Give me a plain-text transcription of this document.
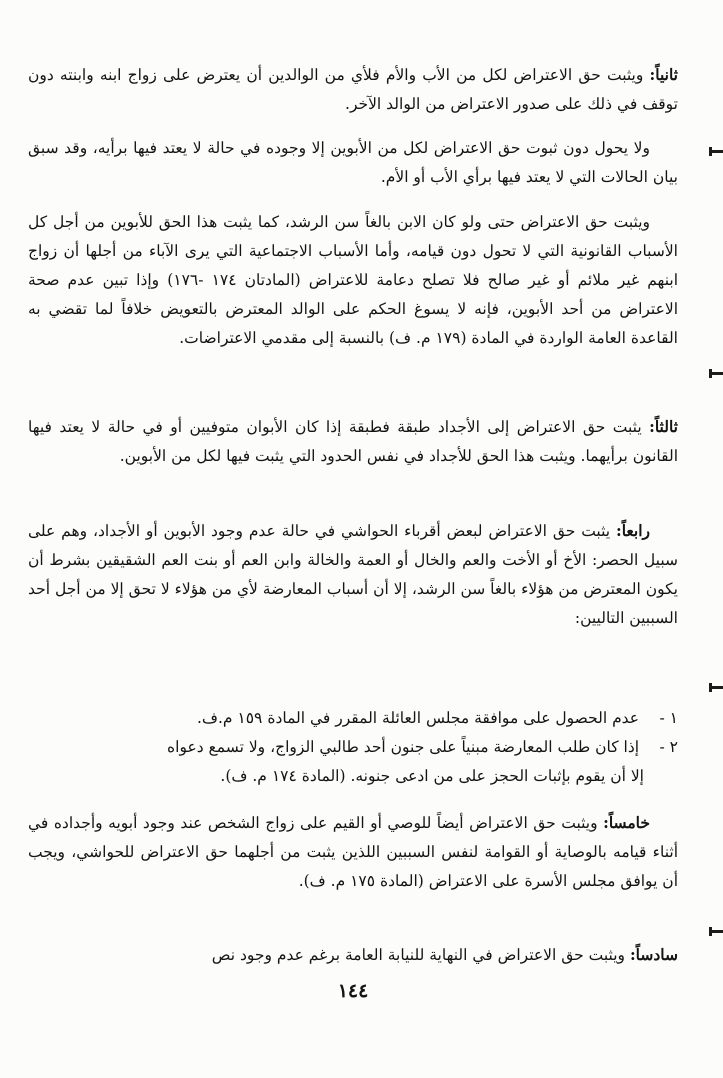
ثانياً: ويثبت حق الاعتراض لكل من الأب والأم فلأي من الوالدين أن يعترض على زواج ابنه وابنته دون توقف في ذلك على صدور الاعتراض من الوالد الآخر.

ولا يحول دون ثبوت حق الاعتراض لكل من الأبوين إلا وجوده في حالة لا يعتد فيها برأيه، وقد سبق بيان الحالات التي لا يعتد فيها برأي الأب أو الأم.

ويثبت حق الاعتراض حتى ولو كان الابن بالغاً سن الرشد، كما يثبت هذا الحق للأبوين من أجل كل الأسباب القانونية التي لا تحول دون قيامه، وأما الأسباب الاجتماعية التي يرى الآباء من أجلها أن زواج ابنهم غير ملائم أو غير صالح فلا تصلح دعامة للاعتراض (المادتان ١٧٤ -١٧٦) وإذا تبين عدم صحة الاعتراض من أحد الأبوين، فإنه لا يسوغ الحكم على الوالد المعترض بالتعويض خلافاً لما تقضي به القاعدة العامة الواردة في المادة (١٧٩ م. ف) بالنسبة إلى مقدمي الاعتراضات.

ثالثاً: يثبت حق الاعتراض إلى الأجداد طبقة فطبقة إذا كان الأبوان متوفيين أو في حالة لا يعتد فيها القانون برأيهما. ويثبت هذا الحق للأجداد في نفس الحدود التي يثبت فيها لكل من الأبوين.

رابعاً: يثبت حق الاعتراض لبعض أقرباء الحواشي في حالة عدم وجود الأبوين أو الأجداد، وهم على سبيل الحصر: الأخ أو الأخت والعم والخال أو العمة والخالة وابن العم أو بنت العم الشقيقين بشرط أن يكون المعترض من هؤلاء بالغاً سن الرشد، إلا أن أسباب المعارضة لأي من هؤلاء لا تحق إلا من أجل أحد السببين التاليين:

١ - عدم الحصول على موافقة مجلس العائلة المقرر في المادة ١٥٩ م.ف.
٢ - إذا كان طلب المعارضة مبنياً على جنون أحد طالبي الزواج، ولا تسمع دعواه
إلا أن يقوم بإثبات الحجز على من ادعى جنونه. (المادة ١٧٤ م. ف).

خامساً: ويثبت حق الاعتراض أيضاً للوصي أو القيم على زواج الشخص عند وجود أبويه وأجداده في أثناء قيامه بالوصاية أو القوامة لنفس السببين اللذين يثبت من أجلهما حق الاعتراض للحواشي، ويجب أن يوافق مجلس الأسرة على الاعتراض (المادة ١٧٥ م. ف).

سادساً: ويثبت حق الاعتراض في النهاية للنيابة العامة برغم عدم وجود نص

١٤٤
